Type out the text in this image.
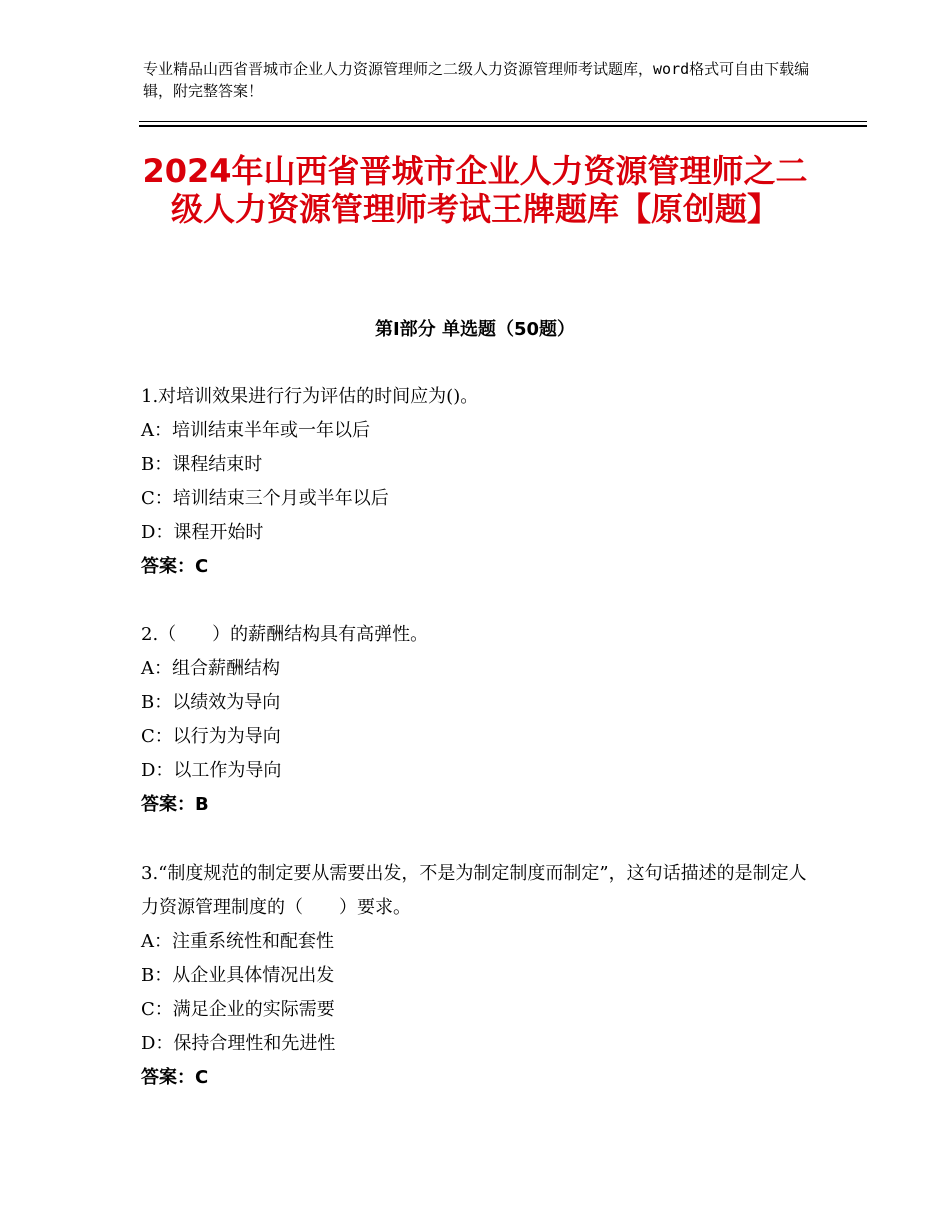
专业精品山西省晋城市企业人力资源管理师之二级人力资源管理师考试题库，word格式可自由下载编辑，附完整答案！
2024年山西省晋城市企业人力资源管理师之二级人力资源管理师考试王牌题库【原创题】
第Ⅰ部分 单选题（50题）

1.对培训效果进行行为评估的时间应为()。

A：培训结束半年或一年以后

B：课程结束时

C：培训结束三个月或半年以后

D：课程开始时

答案：C

2.（　　）的薪酬结构具有高弹性。

A：组合薪酬结构

B：以绩效为导向

C：以行为为导向

D：以工作为导向

答案：B

3.“制度规范的制定要从需要出发，不是为制定制度而制定”，这句话描述的是制定人力资源管理制度的（　　）要求。

A：注重系统性和配套性

B：从企业具体情况出发

C：满足企业的实际需要

D：保持合理性和先进性

答案：C
